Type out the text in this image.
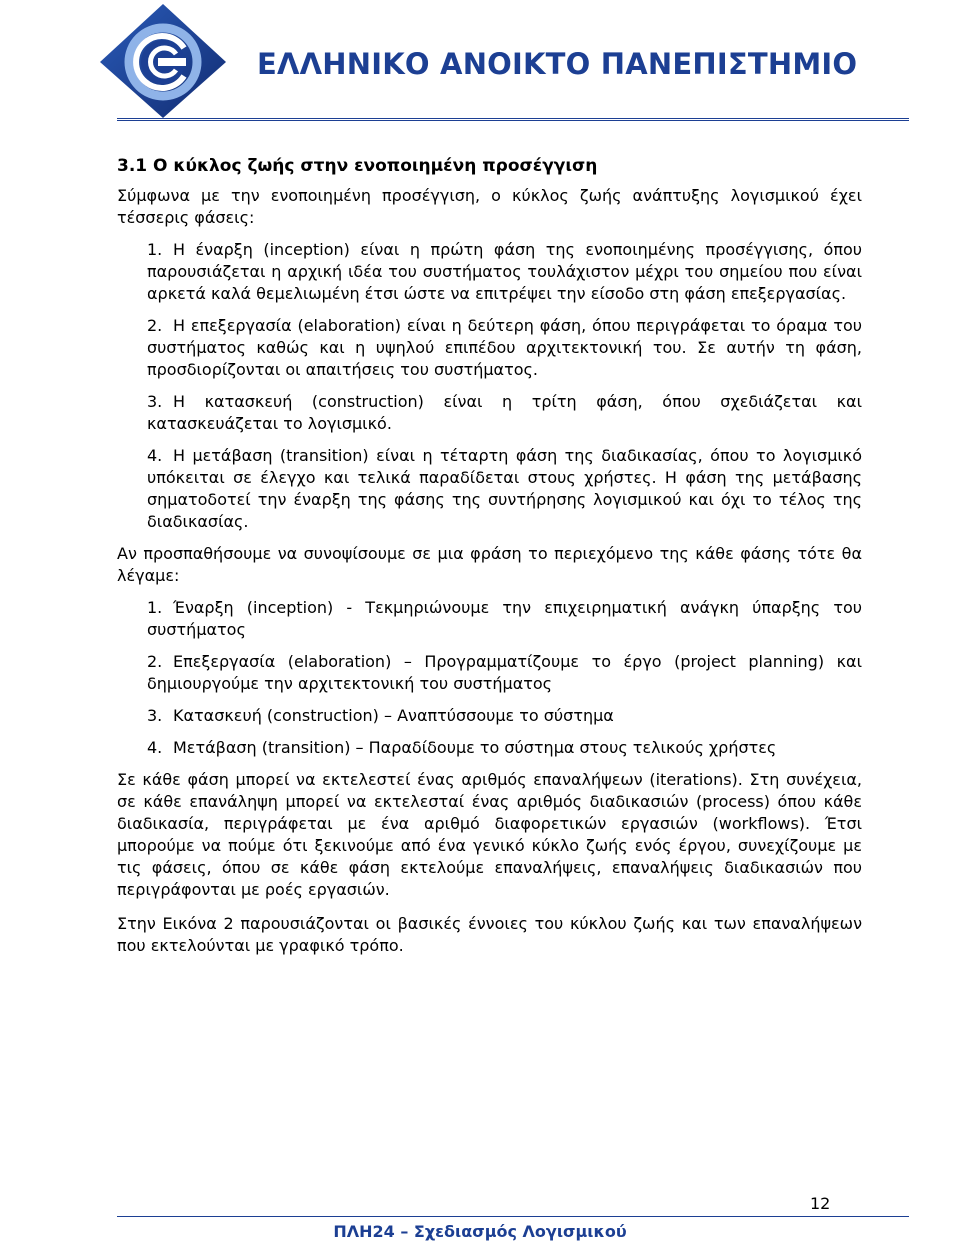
ΕΛΛΗΝΙΚΟ ΑΝΟΙΚΤΟ ΠΑΝΕΠΙΣΤΗΜΙΟ
3.1 Ο κύκλος ζωής στην ενοποιημένη προσέγγιση

Σύμφωνα με την ενοποιημένη προσέγγιση, ο κύκλος ζωής ανάπτυξης λογισμικού έχει τέσσερις φάσεις:

1. Η έναρξη (inception) είναι η πρώτη φάση της ενοποιημένης προσέγγισης, όπου παρουσιάζεται η αρχική ιδέα του συστήματος τουλάχιστον μέχρι του σημείου που είναι αρκετά καλά θεμελιωμένη έτσι ώστε να επιτρέψει την είσοδο στη φάση επεξεργασίας.
2. Η επεξεργασία (elaboration) είναι η δεύτερη φάση, όπου περιγράφεται το όραμα του συστήματος καθώς και η υψηλού επιπέδου αρχιτεκτονική του. Σε αυτήν τη φάση, προσδιορίζονται οι απαιτήσεις του συστήματος.
3. Η κατασκευή (construction) είναι η τρίτη φάση, όπου σχεδιάζεται και κατασκευάζεται το λογισμικό.
4. Η μετάβαση (transition) είναι η τέταρτη φάση της διαδικασίας, όπου το λογισμικό υπόκειται σε έλεγχο και τελικά παραδίδεται στους χρήστες. Η φάση της μετάβασης σηματοδοτεί την έναρξη της φάσης της συντήρησης λογισμικού και όχι το τέλος της διαδικασίας.

Αν προσπαθήσουμε να συνοψίσουμε σε μια φράση το περιεχόμενο της κάθε φάσης τότε θα λέγαμε:

1. Έναρξη (inception) - Τεκμηριώνουμε την επιχειρηματική ανάγκη ύπαρξης του συστήματος
2. Επεξεργασία (elaboration) – Προγραμματίζουμε το έργο (project planning) και δημιουργούμε την αρχιτεκτονική του συστήματος
3. Κατασκευή (construction) – Αναπτύσσουμε το σύστημα
4. Μετάβαση (transition) – Παραδίδουμε το σύστημα στους τελικούς χρήστες

Σε κάθε φάση μπορεί να εκτελεστεί ένας αριθμός επαναλήψεων (iterations). Στη συνέχεια, σε κάθε επανάληψη μπορεί να εκτελεσταί ένας αριθμός διαδικασιών (process) όπου κάθε διαδικασία, περιγράφεται με ένα αριθμό διαφορετικών εργασιών (workflows). Έτσι μπορούμε να πούμε ότι ξεκινούμε από ένα γενικό κύκλο ζωής ενός έργου, συνεχίζουμε με τις φάσεις, όπου σε κάθε φάση εκτελούμε επαναλήψεις, επαναλήψεις διαδικασιών που περιγράφονται με ροές εργασιών.

Στην Εικόνα 2 παρουσιάζονται οι βασικές έννοιες του κύκλου ζωής και των επαναλήψεων που εκτελούνται με γραφικό τρόπο.

12
ΠΛΗ24 – Σχεδιασμός Λογισμικού
